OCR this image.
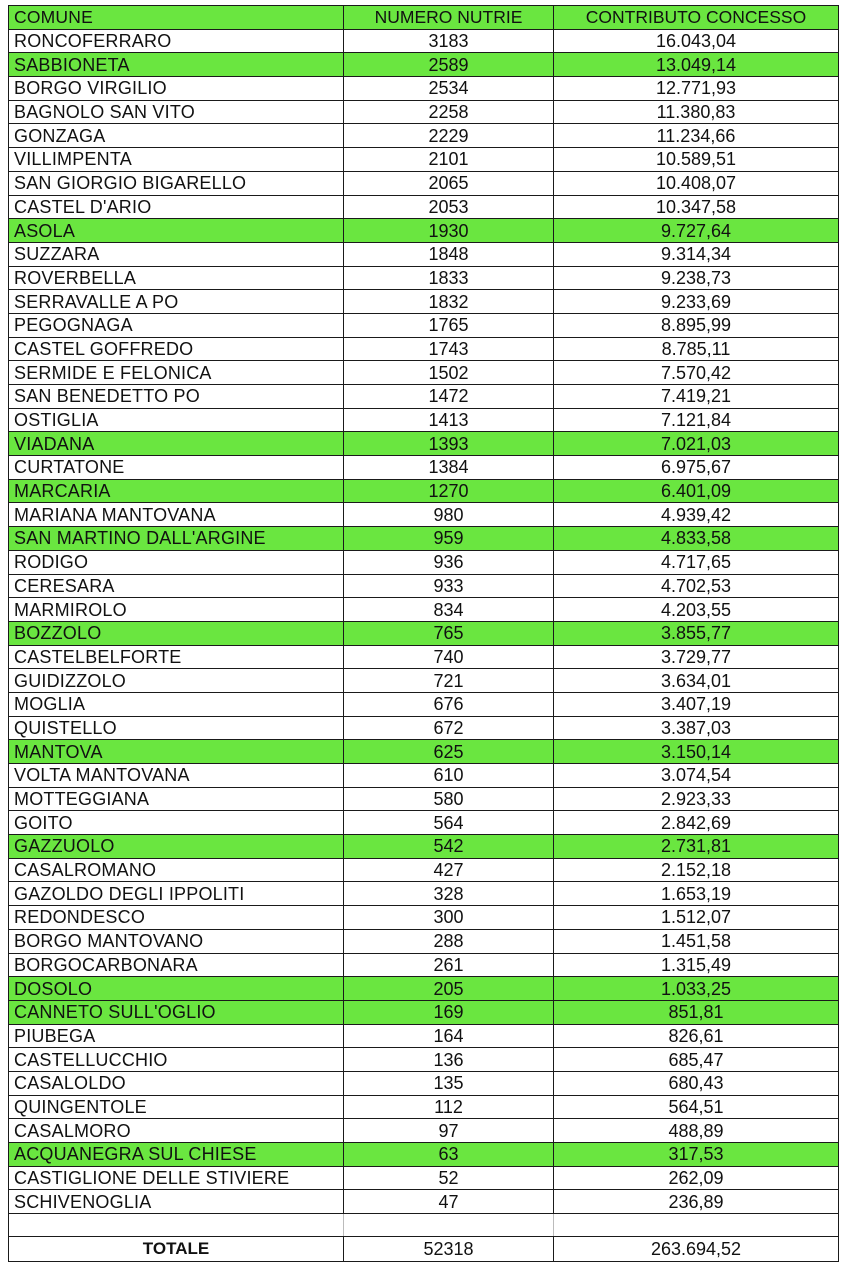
COMUNE	NUMERO NUTRIE	CONTRIBUTO CONCESSO
RONCOFERRARO	3183	16.043,04
SABBIONETA	2589	13.049,14
BORGO VIRGILIO	2534	12.771,93
BAGNOLO SAN VITO	2258	11.380,83
GONZAGA	2229	11.234,66
VILLIMPENTA	2101	10.589,51
SAN GIORGIO BIGARELLO	2065	10.408,07
CASTEL D'ARIO	2053	10.347,58
ASOLA	1930	9.727,64
SUZZARA	1848	9.314,34
ROVERBELLA	1833	9.238,73
SERRAVALLE A PO	1832	9.233,69
PEGOGNAGA	1765	8.895,99
CASTEL GOFFREDO	1743	8.785,11
SERMIDE E FELONICA	1502	7.570,42
SAN BENEDETTO PO	1472	7.419,21
OSTIGLIA	1413	7.121,84
VIADANA	1393	7.021,03
CURTATONE	1384	6.975,67
MARCARIA	1270	6.401,09
MARIANA MANTOVANA	980	4.939,42
SAN MARTINO DALL'ARGINE	959	4.833,58
RODIGO	936	4.717,65
CERESARA	933	4.702,53
MARMIROLO	834	4.203,55
BOZZOLO	765	3.855,77
CASTELBELFORTE	740	3.729,77
GUIDIZZOLO	721	3.634,01
MOGLIA	676	3.407,19
QUISTELLO	672	3.387,03
MANTOVA	625	3.150,14
VOLTA MANTOVANA	610	3.074,54
MOTTEGGIANA	580	2.923,33
GOITO	564	2.842,69
GAZZUOLO	542	2.731,81
CASALROMANO	427	2.152,18
GAZOLDO DEGLI IPPOLITI	328	1.653,19
REDONDESCO	300	1.512,07
BORGO MANTOVANO	288	1.451,58
BORGOCARBONARA	261	1.315,49
DOSOLO	205	1.033,25
CANNETO SULL'OGLIO	169	851,81
PIUBEGA	164	826,61
CASTELLUCCHIO	136	685,47
CASALOLDO	135	680,43
QUINGENTOLE	112	564,51
CASALMORO	97	488,89
ACQUANEGRA SUL CHIESE	63	317,53
CASTIGLIONE DELLE STIVIERE	52	262,09
SCHIVENOGLIA	47	236,89

TOTALE	52318	263.694,52
